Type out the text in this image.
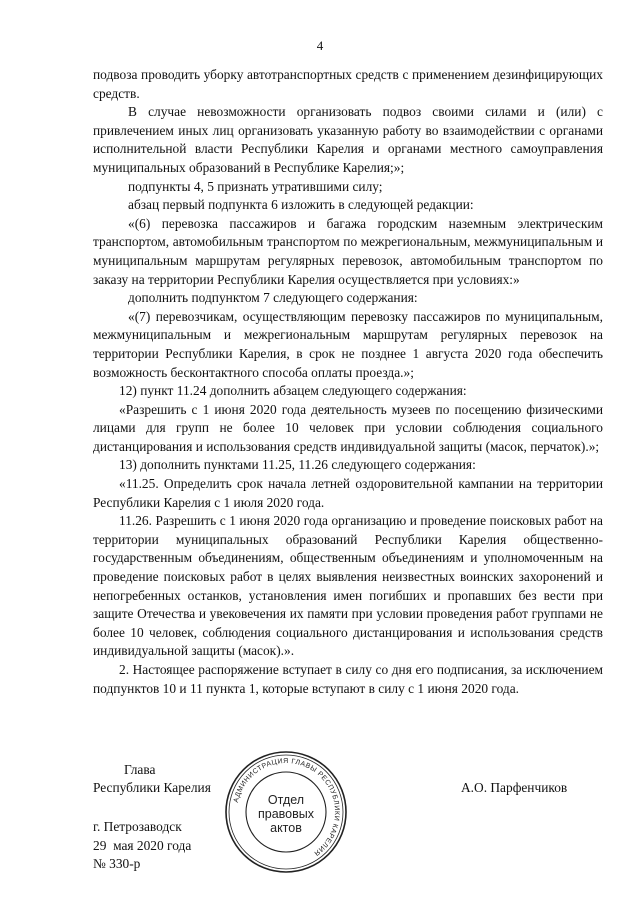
4

подвоза проводить уборку автотранспортных средств с применением дезинфицирующих средств.

В случае невозможности организовать подвоз своими силами и (или) с привлечением иных лиц организовать указанную работу во взаимодействии с органами исполнительной власти Республики Карелия и органами местного самоуправления муниципальных образований в Республике Карелия;»;

подпункты 4, 5 признать утратившими силу;

абзац первый подпункта 6 изложить в следующей редакции:

«(6) перевозка пассажиров и багажа городским наземным электрическим транспортом, автомобильным транспортом по межрегиональным, межмуниципальным и муниципальным маршрутам регулярных перевозок, автомобильным транспортом по заказу на территории Республики Карелия осуществляется при условиях:»

дополнить подпунктом 7 следующего содержания:

«(7) перевозчикам, осуществляющим перевозку пассажиров по муниципальным, межмуниципальным и межрегиональным маршрутам регулярных перевозок на территории Республики Карелия, в срок не позднее 1 августа 2020 года обеспечить возможность бесконтактного способа оплаты проезда.»;

12) пункт 11.24 дополнить абзацем следующего содержания:

«Разрешить с 1 июня 2020 года деятельность музеев по посещению физическими лицами для групп не более 10 человек при условии соблюдения социального дистанцирования и использования средств индивидуальной защиты (масок, перчаток).»;

13) дополнить пунктами 11.25, 11.26 следующего содержания:

«11.25. Определить срок начала летней оздоровительной кампании на территории Республики Карелия с 1 июля 2020 года.

11.26. Разрешить с 1 июня 2020 года организацию и проведение поисковых работ на территории муниципальных образований Республики Карелия общественно-государственным объединениям, общественным объединениям и уполномоченным на проведение поисковых работ в целях выявления неизвестных воинских захоронений и непогребенных останков, установления имен погибших и пропавших без вести при защите Отечества и увековечения их памяти при условии проведения работ группами не более 10 человек, соблюдения социального дистанцирования и использования средств индивидуальной защиты (масок).».

2. Настоящее распоряжение вступает в силу со дня его подписания, за исключением подпунктов 10 и 11 пункта 1, которые вступают в силу с 1 июня 2020 года.

Глава
Республики Карелия	А.О. Парфенчиков
АДМИНИСТРАЦИЯ ГЛАВЫ РЕСПУБЛИКИ КАРЕЛИЯ
Отдел
правовых
актов
г. Петрозаводск
29  мая 2020 года
№ 330-р
